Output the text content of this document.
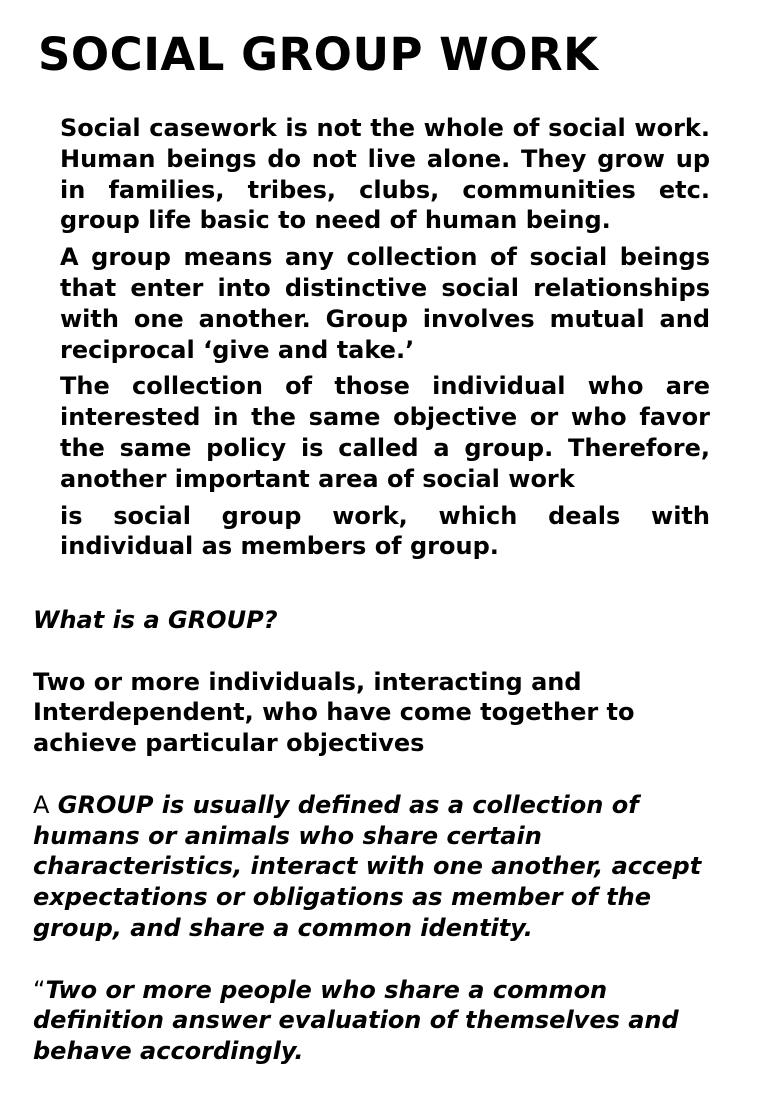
SOCIAL GROUP WORK

Social casework is not the whole of social work. Human beings do not live alone. They grow up in families, tribes, clubs, communities etc. group life basic to need of human being.

A group means any collection of social beings that enter into distinctive social relationships with one another. Group involves mutual and reciprocal ‘give and take.’

The collection of those individual who are interested in the same objective or who favor the same policy is called a group. Therefore, another important area of social work

is social group work, which deals with individual as members of group.

What is a GROUP?

Two or more individuals, interacting and Interdependent, who have come together to achieve particular objectives

A GROUP is usually defined as a collection of humans or animals who share certain characteristics, interact with one another, accept expectations or obligations as member of the group, and share a common identity.

“Two or more people who share a common definition answer evaluation of themselves and behave accordingly.
